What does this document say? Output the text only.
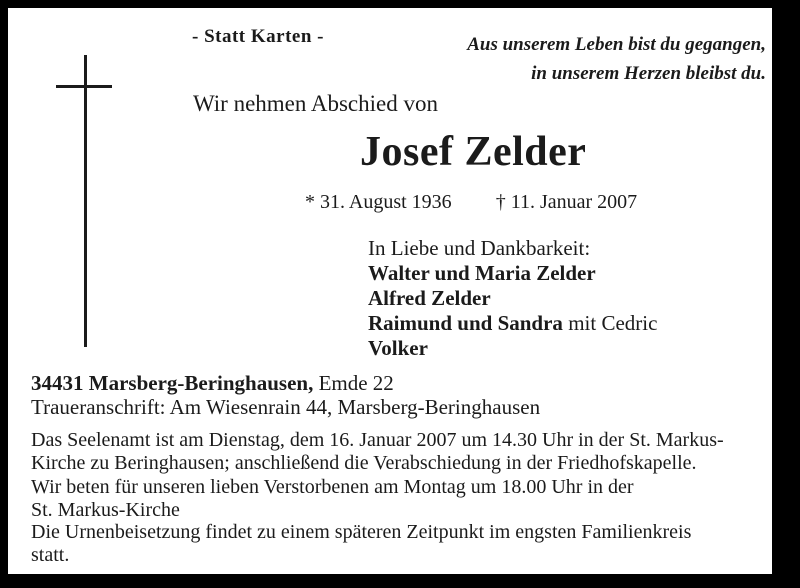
- Statt Karten -	Aus unserem Leben bist du gegangen,
in unserem Herzen bleibst du.
Wir nehmen Abschied von
Josef Zelder
* 31. August 1936 † 11. Januar 2007
In Liebe und Dankbarkeit:
Walter und Maria Zelder
Alfred Zelder
Raimund und Sandra mit Cedric
Volker
34431 Marsberg-Beringhausen, Emde 22
Traueranschrift: Am Wiesenrain 44, Marsberg-Beringhausen
Das Seelenamt ist am Dienstag, dem 16. Januar 2007 um 14.30 Uhr in der St. Markus-
Kirche zu Beringhausen; anschließend die Verabschiedung in der Friedhofskapelle.
Wir beten für unseren lieben Verstorbenen am Montag um 18.00 Uhr in der
St. Markus-Kirche
Die Urnenbeisetzung findet zu einem späteren Zeitpunkt im engsten Familienkreis
statt.
